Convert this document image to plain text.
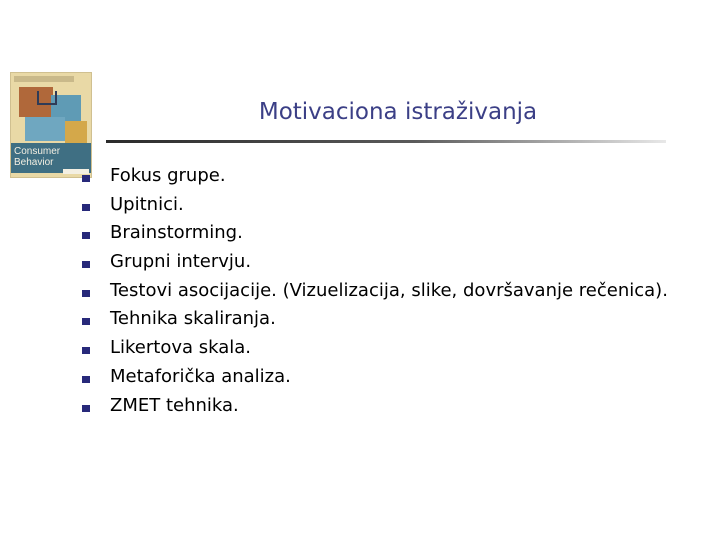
Consumer
Behavior
Motivaciona istraživanja
Fokus grupe.
Upitnici.
Brainstorming.
Grupni intervju.
Testovi asocijacije. (Vizuelizacija, slike, dovršavanje rečenica).
Tehnika skaliranja.
Likertova skala.
Metaforička analiza.
ZMET tehnika.
